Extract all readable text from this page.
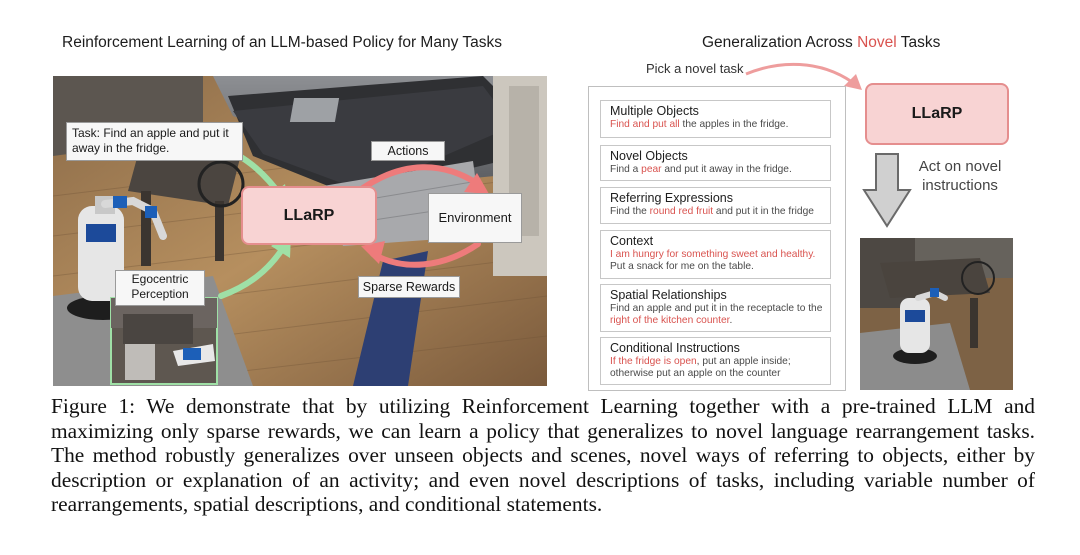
Reinforcement Learning of an LLM-based Policy for Many Tasks
Task: Find an apple and put it away in the fridge.	Actions
LLaRP	Environment
Sparse Rewards
Egocentric Perception
Generalization Across Novel Tasks
Pick a novel task
LLaRP
Act on novel instructions
Multiple Objects
Find and put all the apples in the fridge.
Novel Objects
Find a pear and put it away in the fridge.
Referring Expressions
Find the round red fruit and put it in the fridge
Context
I am hungry for something sweet and healthy.
Put a snack for me on the table.
Spatial Relationships
Find an apple and put it in the receptacle to the right of the kitchen counter.
Conditional Instructions
If the fridge is open, put an apple inside; otherwise put an apple on the counter
Figure 1: We demonstrate that by utilizing Reinforcement Learning together with a pre-trained LLM and maximizing only sparse rewards, we can learn a policy that generalizes to novel language rearrangement tasks. The method robustly generalizes over unseen objects and scenes, novel ways of referring to objects, either by description or explanation of an activity; and even novel descriptions of tasks, including variable number of rearrangements, spatial descriptions, and conditional statements.
